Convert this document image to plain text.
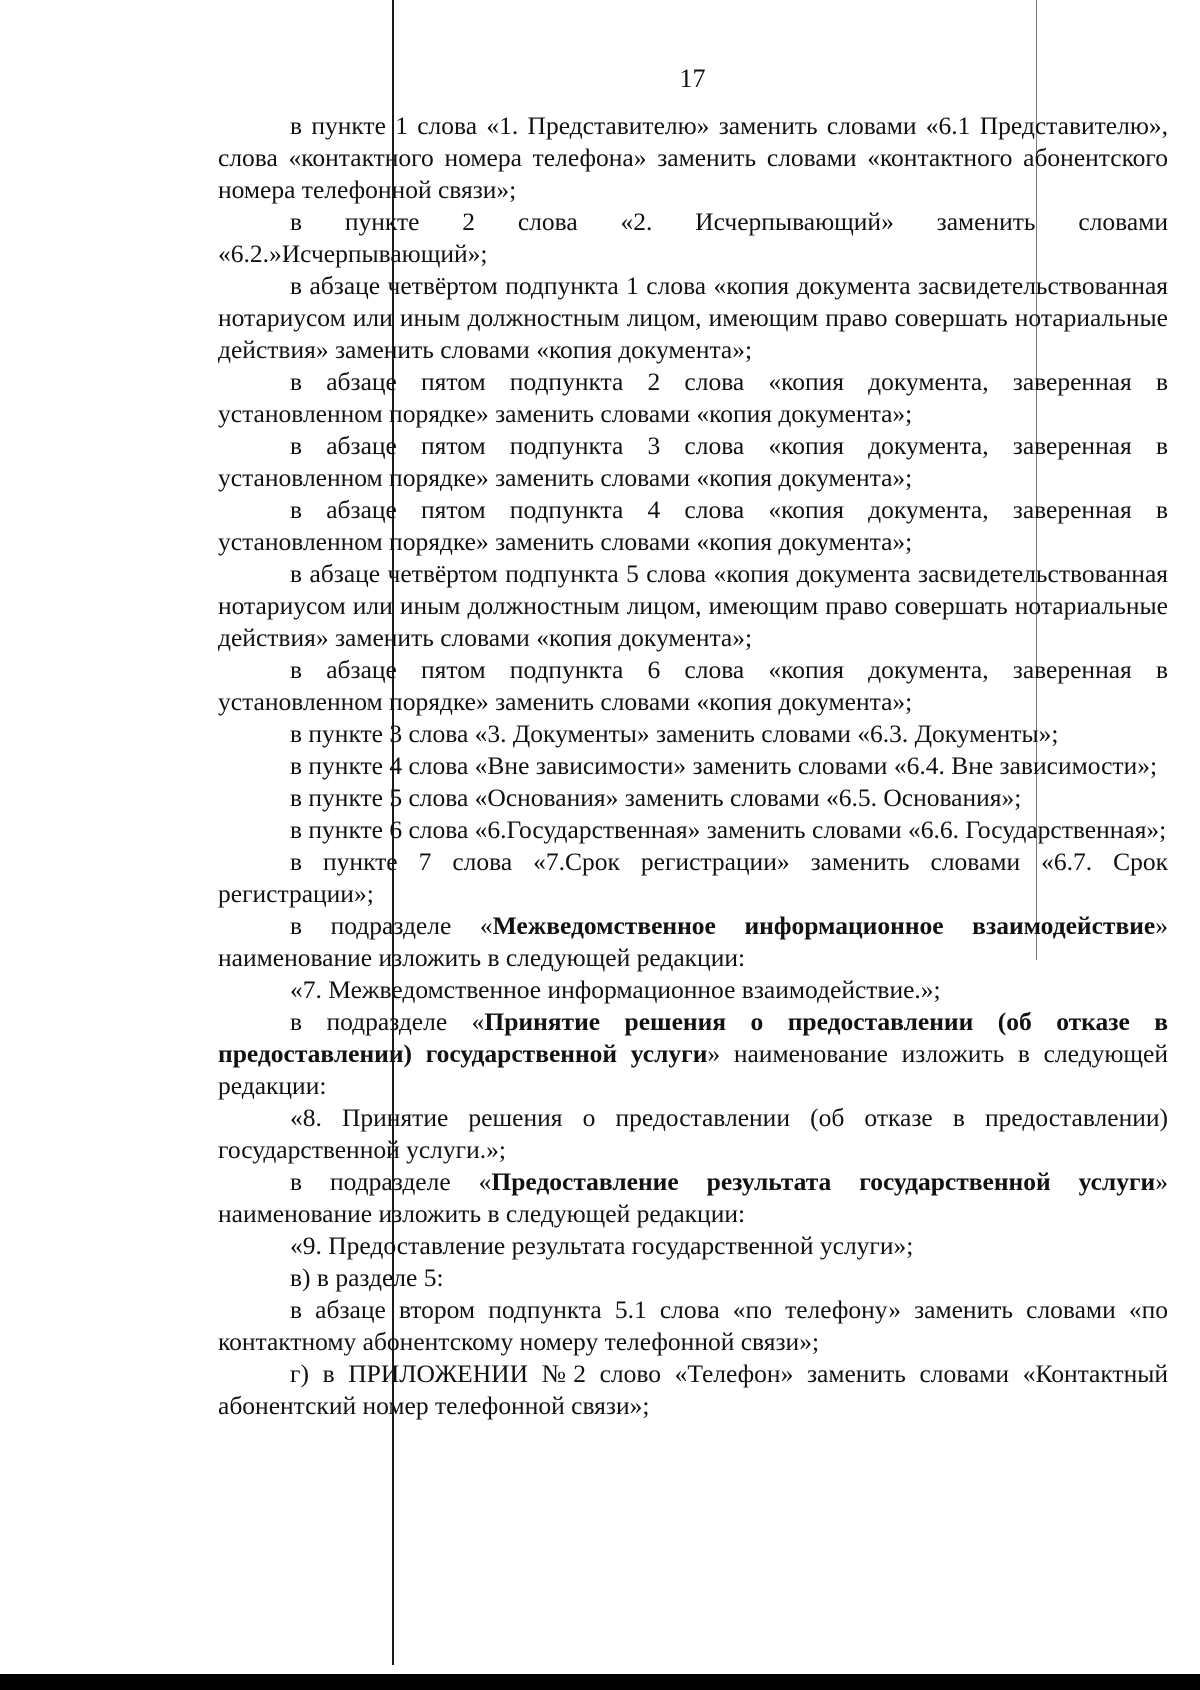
17

в пункте 1 слова «1. Представителю» заменить словами «6.1 Представителю», слова «контактного номера телефона» заменить словами «контактного абонентского номера телефонной связи»;

в пункте 2 слова «2. Исчерпывающий» заменить словами «6.2.»Исчерпывающий»;

в абзаце четвёртом подпункта 1 слова «копия документа засвидетельствованная нотариусом или иным должностным лицом, имеющим право совершать нотариальные действия» заменить словами «копия документа»;

в абзаце пятом подпункта 2 слова «копия документа, заверенная в установленном порядке» заменить словами «копия документа»;

в абзаце пятом подпункта 3 слова «копия документа, заверенная в установленном порядке» заменить словами «копия документа»;

в абзаце пятом подпункта 4 слова «копия документа, заверенная в установленном порядке» заменить словами «копия документа»;

в абзаце четвёртом подпункта 5 слова «копия документа засвидетельствованная нотариусом или иным должностным лицом, имеющим право совершать нотариальные действия» заменить словами «копия документа»;

в абзаце пятом подпункта 6 слова «копия документа, заверенная в установленном порядке» заменить словами «копия документа»;

в пункте 3 слова «3. Документы» заменить словами «6.3. Документы»;

в пункте 4 слова «Вне зависимости» заменить словами «6.4. Вне зависимости»;

в пункте 5 слова «Основания» заменить словами «6.5. Основания»;

в пункте 6 слова «6.Государственная» заменить словами «6.6. Государственная»;

в пункте 7 слова «7.Срок регистрации» заменить словами «6.7. Срок регистрации»;

в подразделе «Межведомственное информационное взаимодействие» наименование изложить в следующей редакции:

«7. Межведомственное информационное взаимодействие.»;

в подразделе «Принятие решения о предоставлении (об отказе в предоставлении) государственной услуги» наименование изложить в следующей редакции:

«8. Принятие решения о предоставлении (об отказе в предоставлении) государственной услуги.»;

в подразделе «Предоставление результата государственной услуги» наименование изложить в следующей редакции:

«9. Предоставление результата государственной услуги»;

в) в разделе 5:

в абзаце втором подпункта 5.1 слова «по телефону» заменить словами «по контактному абонентскому номеру телефонной связи»;

г) в ПРИЛОЖЕНИИ №2 слово «Телефон» заменить словами «Контактный абонентский номер телефонной связи»;
